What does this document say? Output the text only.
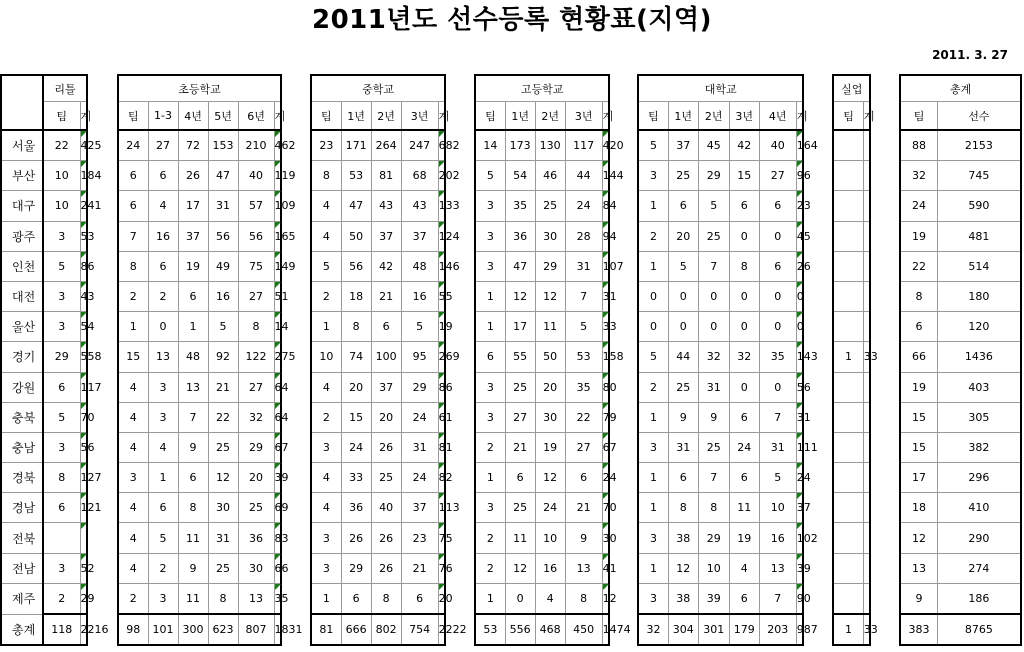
2011년도 선수등록 현황표(지역)
2011. 3. 27
	리틀			초등학교							중학교						고등학교						대학교							실업			총계	
	팀	계		팀	1-3	4년	5년	6년	계		팀	1년	2년	3년	계		팀	1년	2년	3년	계		팀	1년	2년	3년	4년	계		팀	계		팀	선수
서울	22	425		24	27	72	153	210	462		23	171	264	247	682		14	173	130	117	420		5	37	45	42	40	164					88	2153
부산	10	184		6	6	26	47	40	119		8	53	81	68	202		5	54	46	44	144		3	25	29	15	27	96					32	745
대구	10	241		6	4	17	31	57	109		4	47	43	43	133		3	35	25	24	84		1	6	5	6	6	23					24	590
광주	3	53		7	16	37	56	56	165		4	50	37	37	124		3	36	30	28	94		2	20	25	0	0	45					19	481
인천	5	86		8	6	19	49	75	149		5	56	42	48	146		3	47	29	31	107		1	5	7	8	6	26					22	514
대전	3	43		2	2	6	16	27	51		2	18	21	16	55		1	12	12	7	31		0	0	0	0	0	0					8	180
울산	3	54		1	0	1	5	8	14		1	8	6	5	19		1	17	11	5	33		0	0	0	0	0	0					6	120
경기	29	558		15	13	48	92	122	275		10	74	100	95	269		6	55	50	53	158		5	44	32	32	35	143		1	33		66	1436
강원	6	117		4	3	13	21	27	64		4	20	37	29	86		3	25	20	35	80		2	25	31	0	0	56					19	403
충북	5	70		4	3	7	22	32	64		2	15	20	24	61		3	27	30	22	79		1	9	9	6	7	31					15	305
충남	3	56		4	4	9	25	29	67		3	24	26	31	81		2	21	19	27	67		3	31	25	24	31	111					15	382
경북	8	127		3	1	6	12	20	39		4	33	25	24	82		1	6	12	6	24		1	6	7	6	5	24					17	296
경남	6	121		4	6	8	30	25	69		4	36	40	37	113		3	25	24	21	70		1	8	8	11	10	37					18	410
전북				4	5	11	31	36	83		3	26	26	23	75		2	11	10	9	30		3	38	29	19	16	102					12	290
전남	3	52		4	2	9	25	30	66		3	29	26	21	76		2	12	16	13	41		1	12	10	4	13	39					13	274
제주	2	29		2	3	11	8	13	35		1	6	8	6	20		1	0	4	8	12		3	38	39	6	7	90					9	186
총계	118	2216		98	101	300	623	807	1831		81	666	802	754	2222		53	556	468	450	1474		32	304	301	179	203	987		1	33		383	8765
